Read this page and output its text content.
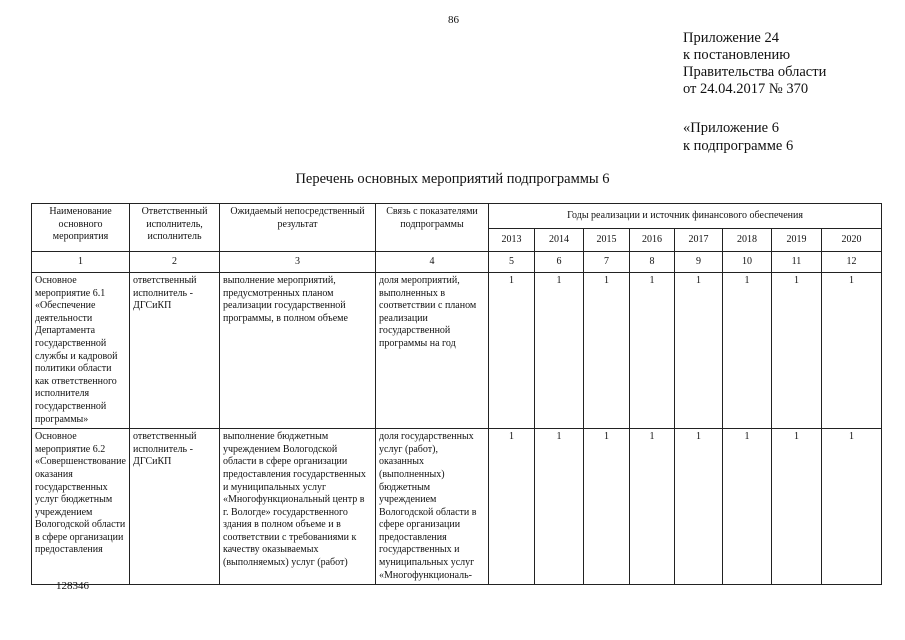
86
Приложение 24
к постановлению
Правительства области
от 24.04.2017 № 370
«Приложение 6
к подпрограмме 6
Перечень основных мероприятий подпрограммы 6
Наименование основного мероприятия	Ответственный исполнитель, исполнитель	Ожидаемый непосредственный результат	Связь с показателями подпрограммы	Годы реализации и источник финансового обеспечения							
				2013	2014	2015	2016	2017	2018	2019	2020
1	2	3	4	5	6	7	8	9	10	11	12
Основное мероприятие 6.1 «Обеспечение деятельности Департамента государственной службы и кадровой политики области как ответственного исполнителя государственной программы»	ответственный исполнитель - ДГСиКП	выполнение мероприятий, предусмотренных планом реализации государственной программы, в полном объеме	доля мероприятий, выполненных в соответствии с планом реализации государственной программы на год	1	1	1	1	1	1	1	1
Основное мероприятие 6.2 «Совершенствование оказания государственных услуг бюджетным учреждением Вологодской области в сфере организации предоставления	ответственный исполнитель - ДГСиКП	выполнение бюджетным учреждением Вологодской области в сфере организации предоставления государственных и муниципальных услуг «Многофункциональный центр в г. Вологде» государственного здания в полном объеме и в соответствии с требованиями к качеству оказываемых (выполняемых) услуг (работ)	доля государственных услуг (работ), оказанных (выполненных) бюджетным учреждением Вологодской области в сфере организации предоставления государственных и муниципальных услуг «Многофункциональ-	1	1	1	1	1	1	1	1
128346
